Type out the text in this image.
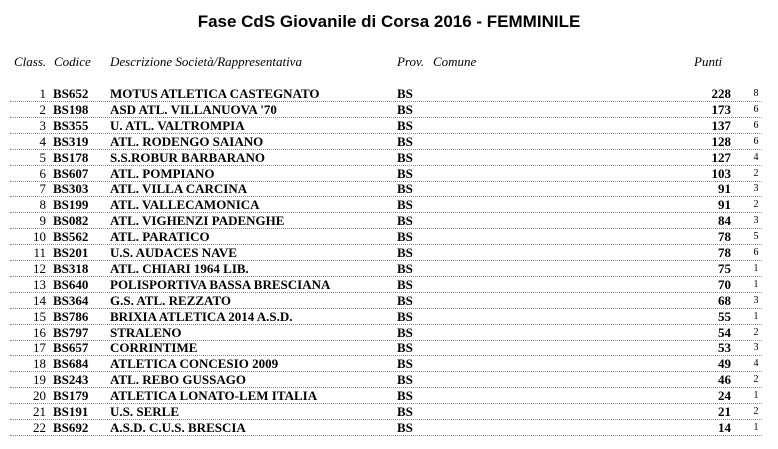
Fase CdS Giovanile di Corsa 2016 - FEMMINILE
Class. Codice Descrizione Società/Rappresentativa	Prov. Comune	Punti
1 BS652 MOTUS ATLETICA CASTEGNATO	BS	228	8
2 BS198 ASD ATL. VILLANUOVA '70	BS	173	6
3 BS355 U. ATL. VALTROMPIA	BS	137	6
4 BS319 ATL. RODENGO SAIANO	BS	128	6
5 BS178 S.S.ROBUR BARBARANO	BS	127	4
6 BS607 ATL. POMPIANO	BS	103	2
7 BS303 ATL. VILLA CARCINA	BS	91	3
8 BS199 ATL. VALLECAMONICA	BS	91	2
9 BS082 ATL. VIGHENZI PADENGHE	BS	84	3
10 BS562 ATL. PARATICO	BS	78	5
11 BS201 U.S. AUDACES NAVE	BS	78	6
12 BS318 ATL. CHIARI 1964 LIB.	BS	75	1
13 BS640 POLISPORTIVA BASSA BRESCIANA	BS	70	1
14 BS364 G.S. ATL. REZZATO	BS	68	3
15 BS786 BRIXIA ATLETICA 2014 A.S.D.	BS	55	1
16 BS797 STRALENO	BS	54	2
17 BS657 CORRINTIME	BS	53	3
18 BS684 ATLETICA CONCESIO 2009	BS	49	4
19 BS243 ATL. REBO GUSSAGO	BS	46	2
20 BS179 ATLETICA LONATO-LEM ITALIA	BS	24	1
21 BS191 U.S. SERLE	BS	21	2
22 BS692 A.S.D. C.U.S. BRESCIA	BS	14	1
